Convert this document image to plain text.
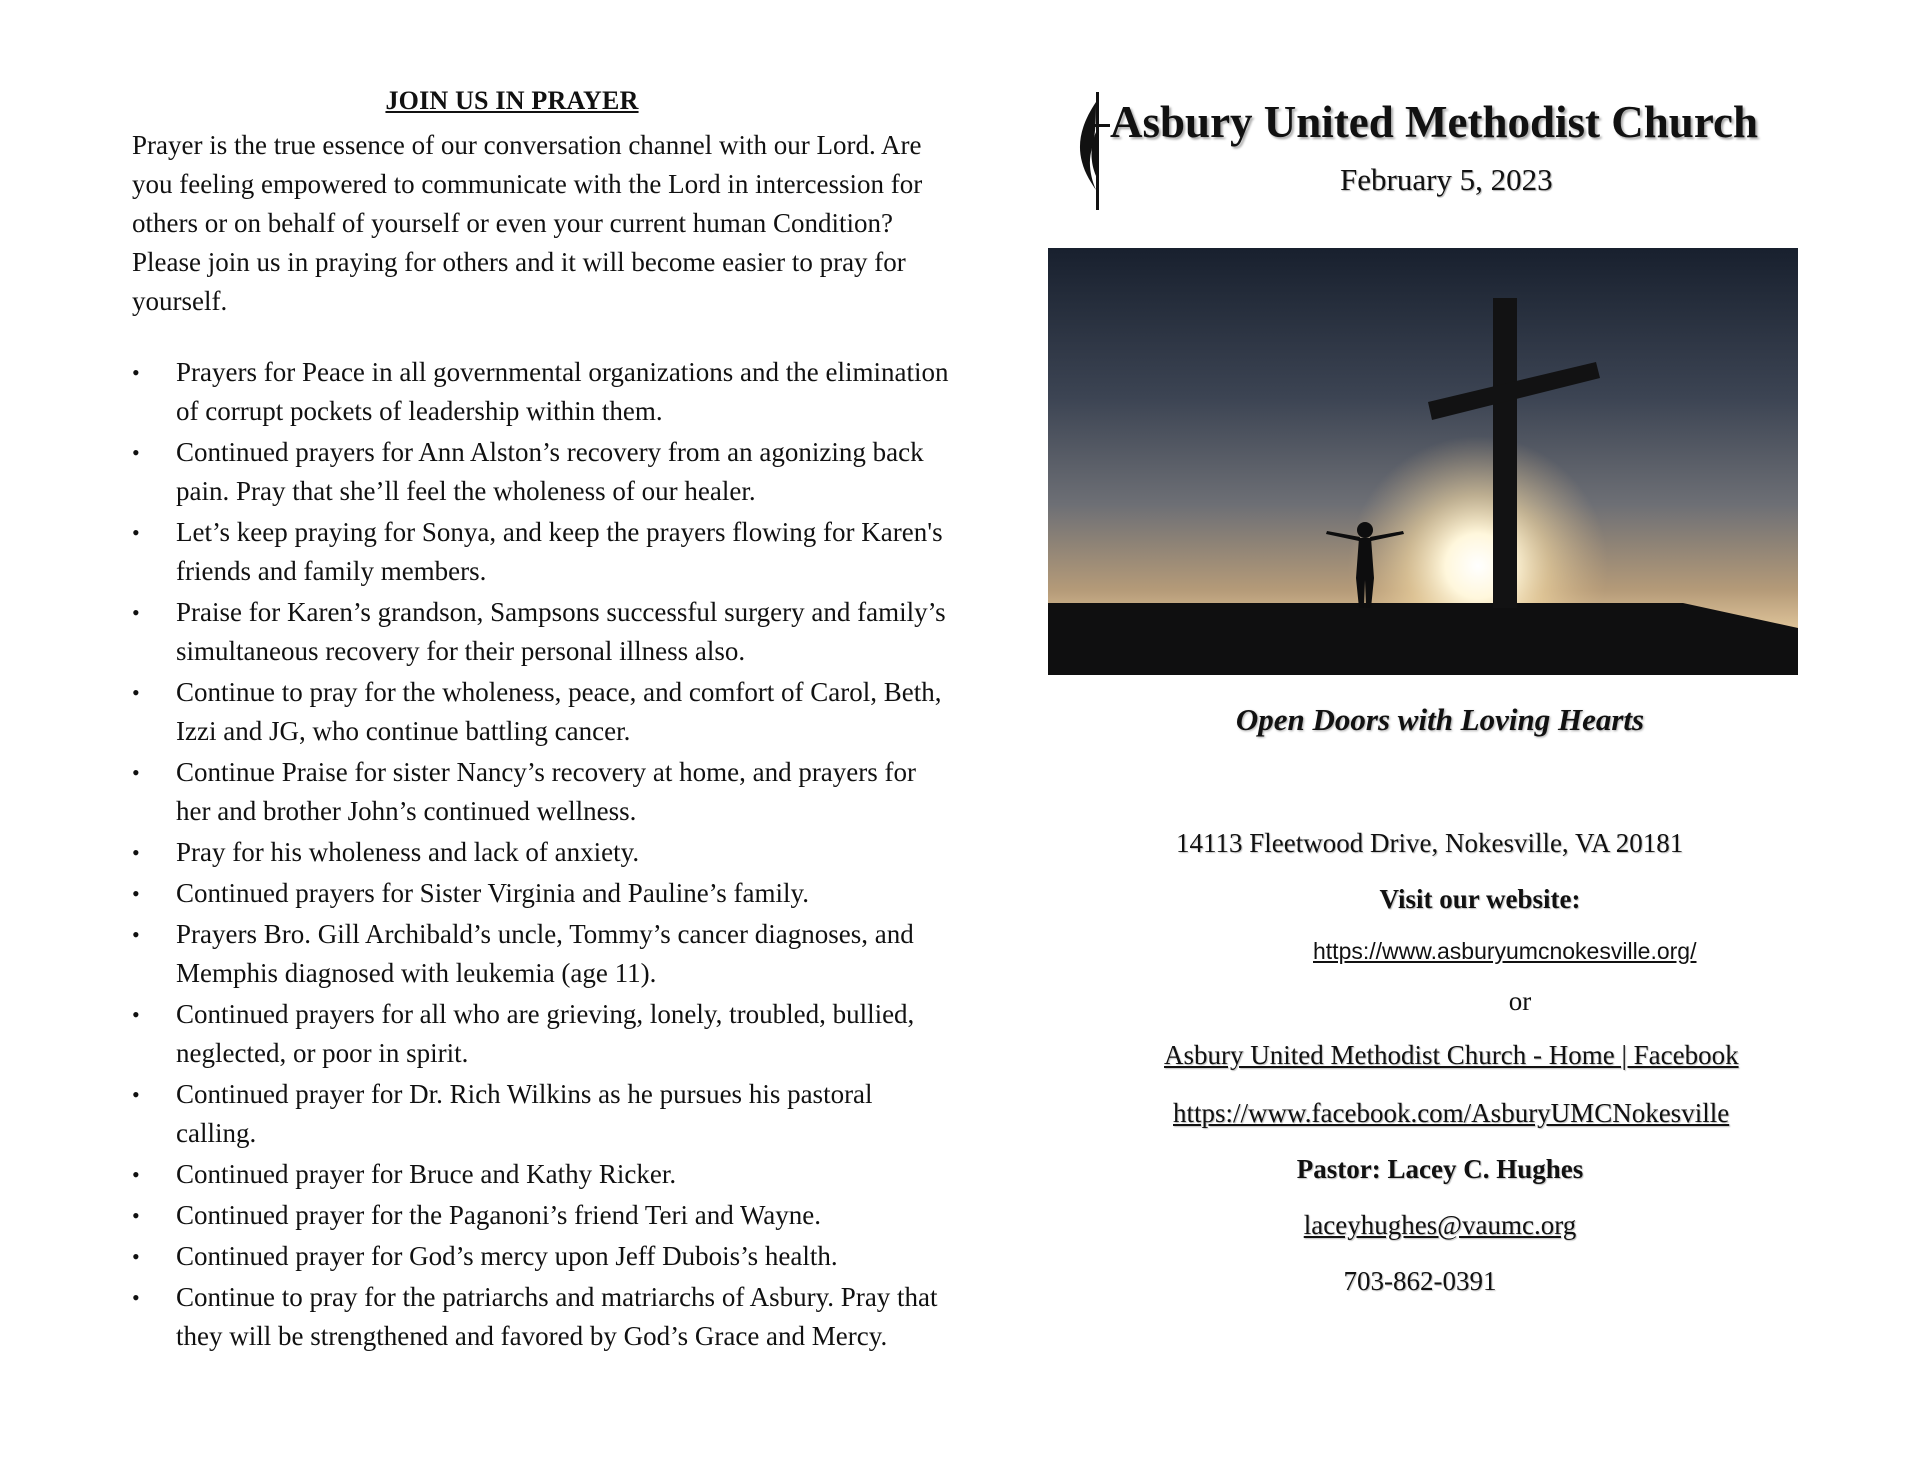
JOIN US IN PRAYER
Prayer is the true essence of our conversation channel with our Lord. Are you feeling empowered to communicate with the Lord in intercession for others or on behalf of yourself or even your current human Condition? Please join us in praying for others and it will become easier to pray for yourself.
•	Prayers for Peace in all governmental organizations and the elimination of corrupt pockets of leadership within them.
•	Continued prayers for Ann Alston’s recovery from an agonizing back pain. Pray that she’ll feel the wholeness of our healer.
•	Let’s keep praying for Sonya, and keep the prayers flowing for Karen's friends and family members.
•	Praise for Karen’s grandson, Sampsons successful surgery and family’s simultaneous recovery for their personal illness also.
•	Continue to pray for the wholeness, peace, and comfort of Carol, Beth, Izzi and JG, who continue battling cancer.
•	Continue Praise for sister Nancy’s recovery at home, and prayers for her and brother John’s continued wellness.
•	Pray for his wholeness and lack of anxiety.
•	Continued prayers for Sister Virginia and Pauline’s family.
•	Prayers Bro. Gill Archibald’s uncle, Tommy’s cancer diagnoses, and Memphis diagnosed with leukemia (age 11).
•	Continued prayers for all who are grieving, lonely, troubled, bullied, neglected, or poor in spirit.
•	Continued prayer for Dr. Rich Wilkins as he pursues his pastoral calling.
•	Continued prayer for Bruce and Kathy Ricker.
•	Continued prayer for the Paganoni’s friend Teri and Wayne.
•	Continued prayer for God’s mercy upon Jeff Dubois’s health.
•	Continue to pray for the patriarchs and matriarchs of Asbury. Pray that they will be strengthened and favored by God’s Grace and Mercy.
Asbury United Methodist Church
February 5, 2023
Open Doors with Loving Hearts
14113 Fleetwood Drive, Nokesville, VA 20181
Visit our website:
https://www.asburyumcnokesville.org/
or
Asbury United Methodist Church - Home | Facebook
https://www.facebook.com/AsburyUMCNokesville
Pastor: Lacey C. Hughes
laceyhughes@vaumc.org
703-862-0391
